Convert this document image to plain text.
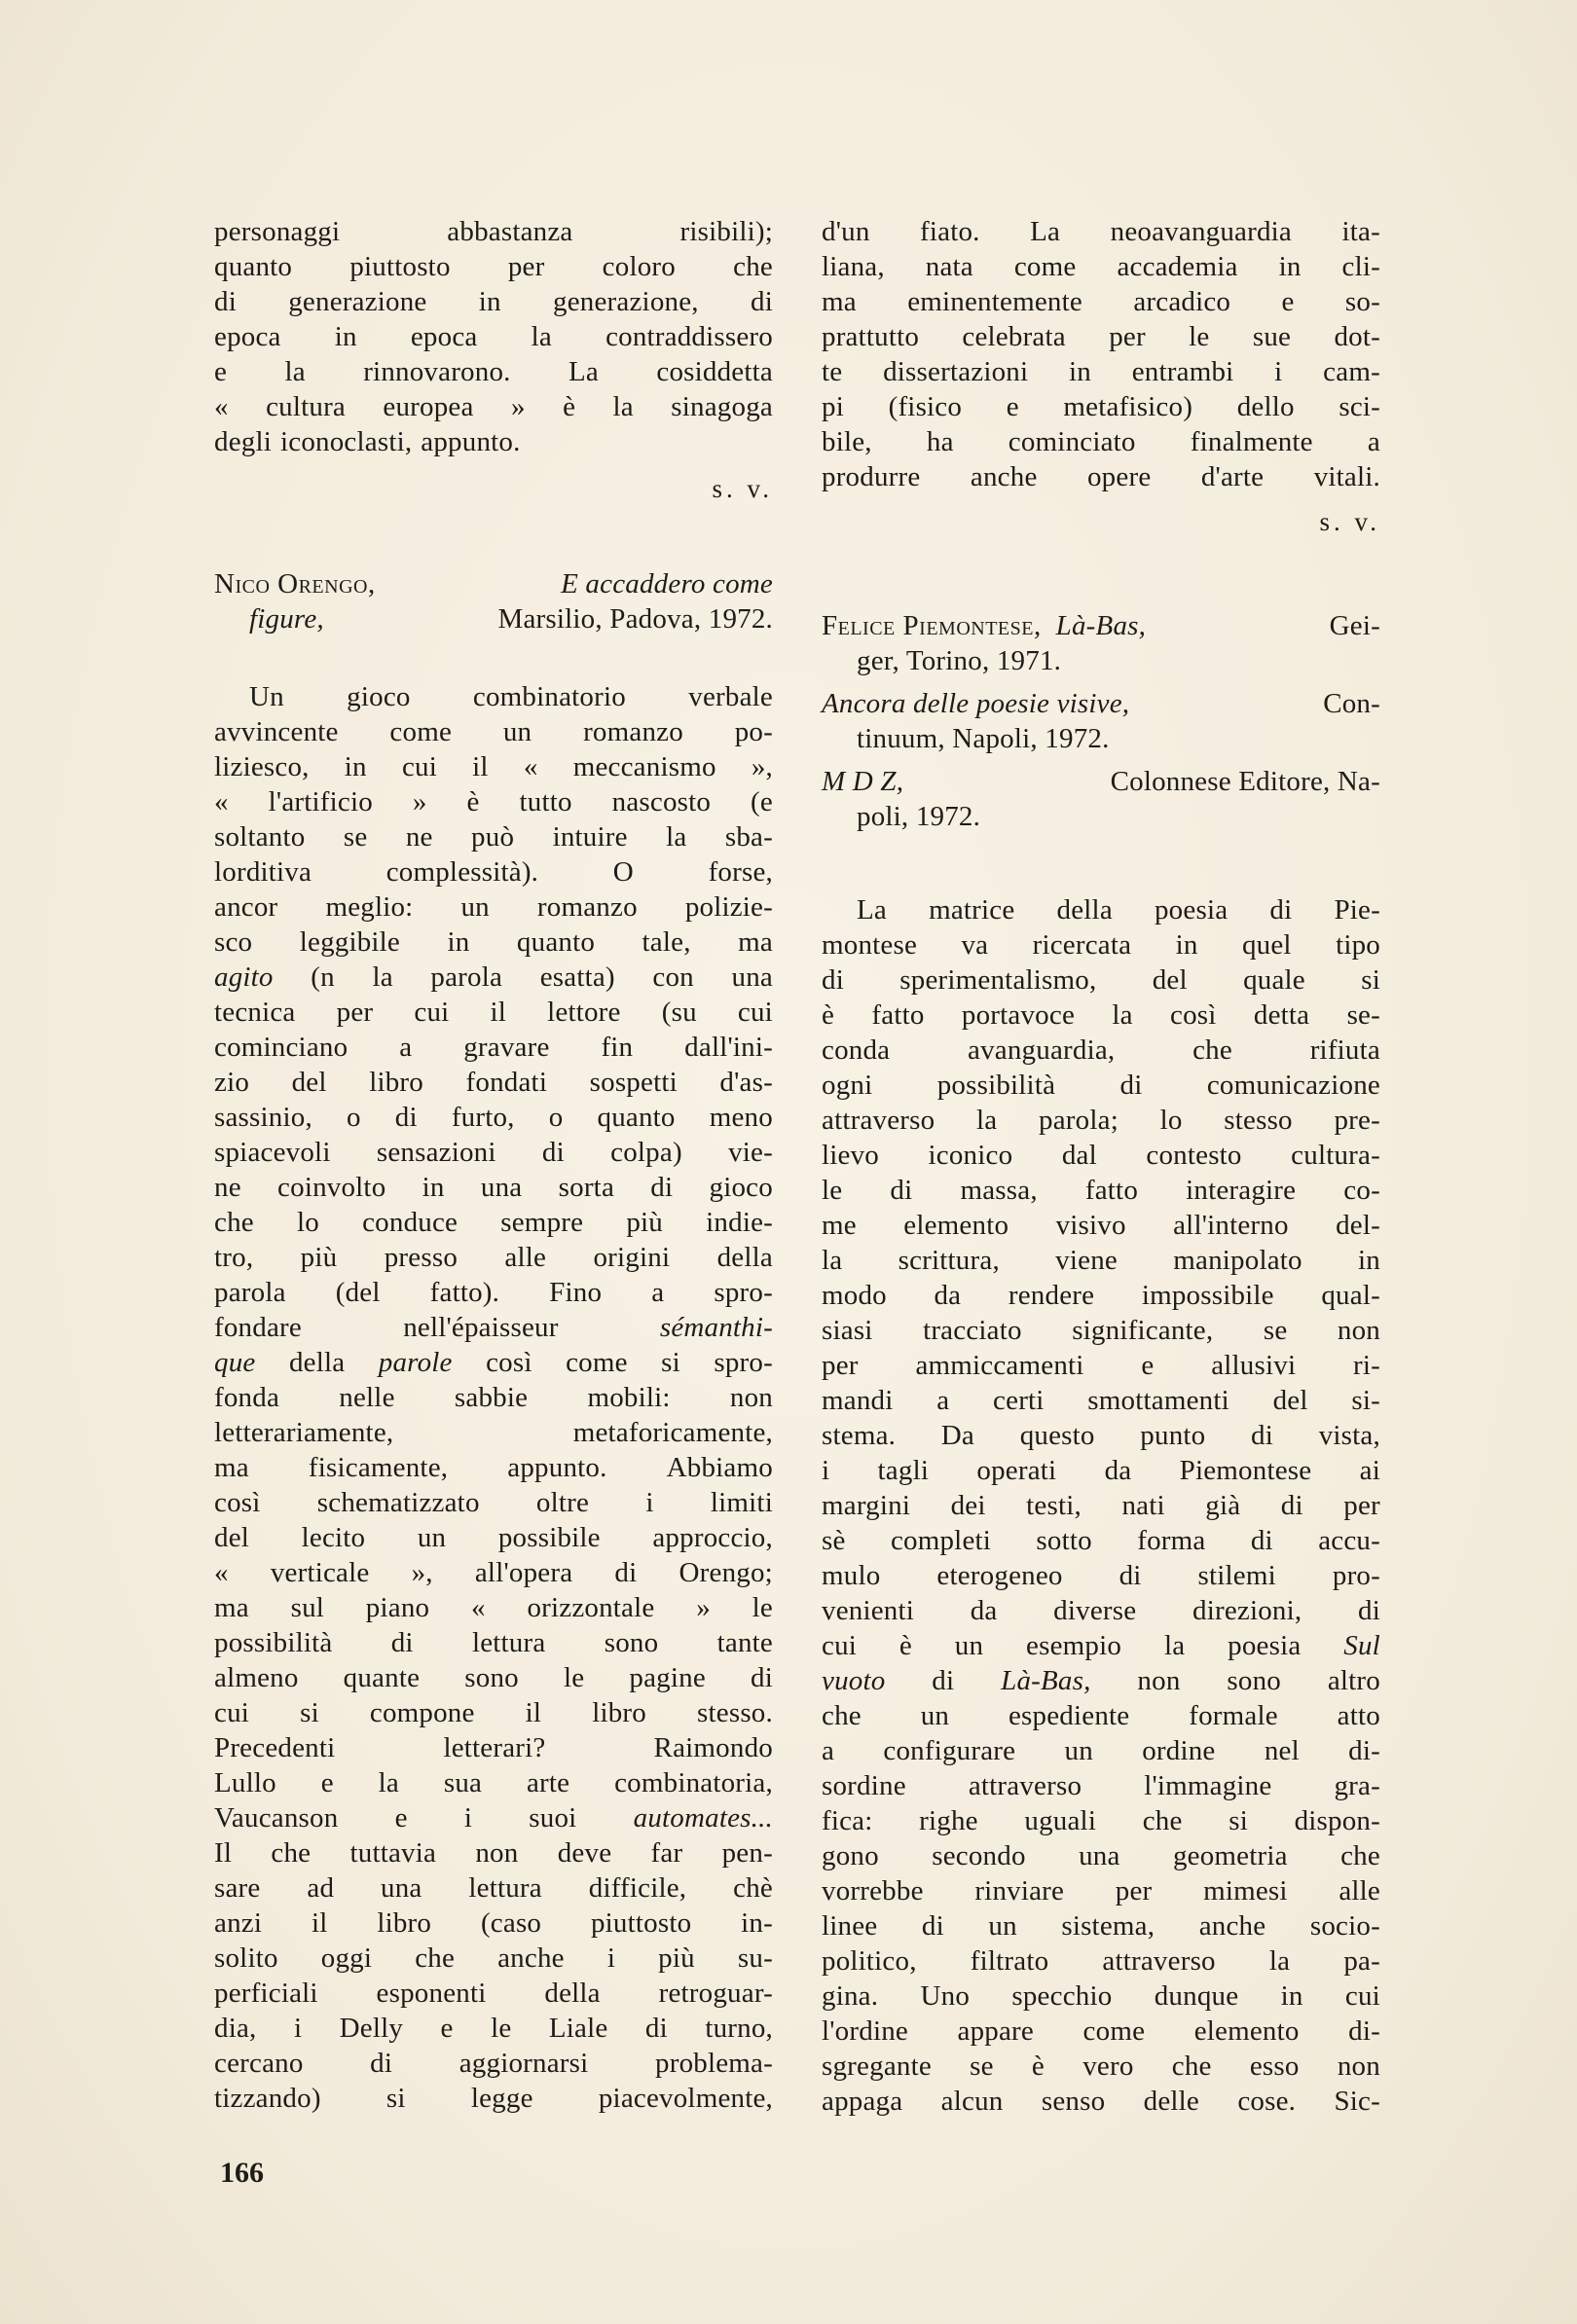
personaggi	abbastanza	risibili);
quanto piuttosto per coloro che
di generazione in generazione, di
epoca in epoca la contraddissero
e la rinnovarono. La cosiddetta
« cultura europea » è la sinagoga
degli iconoclasti, appunto.
s. v.
Nico Orengo,	E accaddero come
figure,	Marsilio, Padova, 1972.
Un gioco combinatorio verbale
avvincente come un romanzo po-
liziesco, in cui il « meccanismo »,
« l'artificio » è tutto nascosto (e
soltanto se ne può intuire la sba-
lorditiva	complessità).	O	forse,
ancor meglio: un romanzo polizie-
sco leggibile in quanto tale, ma
agito (n la parola esatta) con una
tecnica per cui il lettore (su cui
cominciano a gravare fin dall'ini-
zio del libro fondati sospetti d'as-
sassinio, o di furto, o quanto meno
spiacevoli sensazioni di colpa) vie-
ne coinvolto in una sorta di gioco
che lo conduce sempre più indie-
tro, più presso alle origini della
parola (del fatto). Fino a spro-
fondare	nell'épaisseur	sémanthi-
que della parole così come si spro-
fonda nelle sabbie mobili: non
letterariamente,	metaforicamente,
ma fisicamente, appunto. Abbiamo
così schematizzato oltre i limiti
del lecito un possibile approccio,
« verticale », all'opera di Orengo;
ma sul piano « orizzontale » le
possibilità di lettura sono tante
almeno quante sono le pagine di
cui si compone il libro stesso.
Precedenti	letterari?	Raimondo
Lullo e la sua arte combinatoria,
Vaucanson e i suoi automates...
Il che tuttavia non deve far pen-
sare ad una lettura difficile, chè
anzi il libro (caso piuttosto in-
solito oggi che anche i più su-
perficiali esponenti della retroguar-
dia, i Delly e le Liale di turno,
cercano di aggiornarsi problema-
tizzando) si legge piacevolmente,
d'un fiato. La neoavanguardia ita-
liana, nata come accademia in cli-
ma eminentemente arcadico e so-
prattutto celebrata per le sue dot-
te dissertazioni in entrambi i cam-
pi (fisico e metafisico) dello sci-
bile, ha cominciato finalmente a
produrre anche opere d'arte vitali.
s. v.
Felice Piemontese, Là-Bas,	Gei-
ger, Torino, 1971.
Ancora delle poesie visive,	Con-
tinuum, Napoli, 1972.
M D Z,	Colonnese Editore, Na-
poli, 1972.
La matrice della poesia di Pie-
montese va ricercata in quel tipo
di sperimentalismo, del quale si
è fatto portavoce la così detta se-
conda	avanguardia,	che	rifiuta
ogni possibilità di comunicazione
attraverso la parola; lo stesso pre-
lievo iconico dal contesto cultura-
le di massa, fatto interagire co-
me elemento visivo all'interno del-
la scrittura, viene manipolato in
modo da rendere impossibile qual-
siasi tracciato significante, se non
per ammiccamenti e allusivi ri-
mandi a certi smottamenti del si-
stema. Da questo punto di vista,
i tagli operati da Piemontese ai
margini dei testi, nati già di per
sè completi sotto forma di accu-
mulo eterogeneo di stilemi pro-
venienti da diverse direzioni, di
cui è un esempio la poesia Sul
vuoto di Là-Bas, non sono altro
che un espediente formale atto
a configurare un ordine nel di-
sordine attraverso l'immagine gra-
fica: righe uguali che si dispon-
gono secondo una geometria che
vorrebbe rinviare per mimesi alle
linee di un sistema, anche socio-
politico, filtrato attraverso la pa-
gina. Uno specchio dunque in cui
l'ordine appare come elemento di-
sgregante se è vero che esso non
appaga alcun senso delle cose. Sic-
166
